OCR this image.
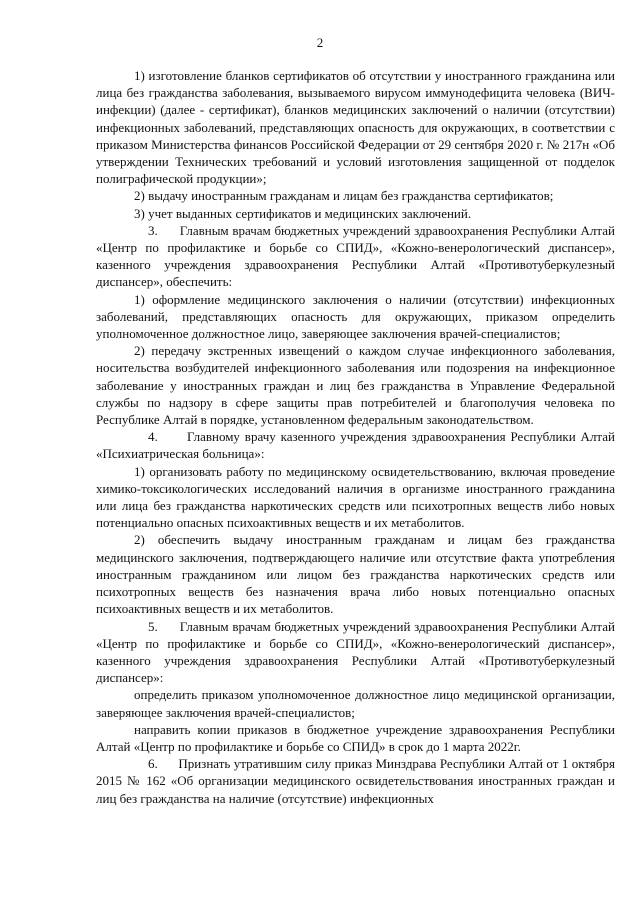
2

1) изготовление бланков сертификатов об отсутствии у иностранного гражданина или лица без гражданства заболевания, вызываемого вирусом иммунодефицита человека (ВИЧ-инфекции) (далее - сертификат), бланков медицинских заключений о наличии (отсутствии) инфекционных заболеваний, представляющих опасность для окружающих, в соответствии с приказом Министерства финансов Российской Федерации от 29 сентября 2020 г. № 217н «Об утверждении Технических требований и условий изготовления защищенной от подделок полиграфической продукции»;

2) выдачу иностранным гражданам и лицам без гражданства сертификатов;

3) учет выданных сертификатов и медицинских заключений.

3.      Главным врачам бюджетных учреждений здравоохранения Республики Алтай «Центр по профилактике и борьбе со СПИД», «Кожно-венерологический диспансер», казенного учреждения здравоохранения Республики Алтай «Противотуберкулезный диспансер», обеспечить:

1) оформление медицинского заключения о наличии (отсутствии) инфекционных заболеваний, представляющих опасность для окружающих, приказом определить уполномоченное должностное лицо, заверяющее заключения врачей-специалистов;

2) передачу экстренных извещений о каждом случае инфекционного заболевания, носительства возбудителей инфекционного заболевания или подозрения на инфекционное заболевание у иностранных граждан и лиц без гражданства в Управление Федеральной службы по надзору в сфере защиты прав потребителей и благополучия человека по Республике Алтай в порядке, установленном федеральным законодательством.

4.      Главному врачу казенного учреждения здравоохранения Республики Алтай «Психиатрическая больница»:

1) организовать работу по медицинскому освидетельствованию, включая проведение химико-токсикологических исследований наличия в организме иностранного гражданина или лица без гражданства наркотических средств или психотропных веществ либо новых потенциально опасных психоактивных веществ и их метаболитов.

2) обеспечить выдачу иностранным гражданам и лицам без гражданства медицинского заключения, подтверждающего наличие или отсутствие факта употребления иностранным гражданином или лицом без гражданства наркотических средств или психотропных веществ без назначения врача либо новых потенциально опасных психоактивных веществ и их метаболитов.

5.      Главным врачам бюджетных учреждений здравоохранения Республики Алтай «Центр по профилактике и борьбе со СПИД», «Кожно-венерологический диспансер», казенного учреждения здравоохранения Республики Алтай «Противотуберкулезный диспансер»:

определить приказом уполномоченное должностное лицо медицинской организации, заверяющее заключения врачей-специалистов;

направить копии приказов в бюджетное учреждение здравоохранения Республики Алтай «Центр по профилактике и борьбе со СПИД» в срок до 1 марта 2022г.

6.      Признать утратившим силу приказ Минздрава Республики Алтай от 1 октября 2015 № 162 «Об организации медицинского освидетельствования иностранных граждан и лиц без гражданства на наличие (отсутствие) инфекционных
